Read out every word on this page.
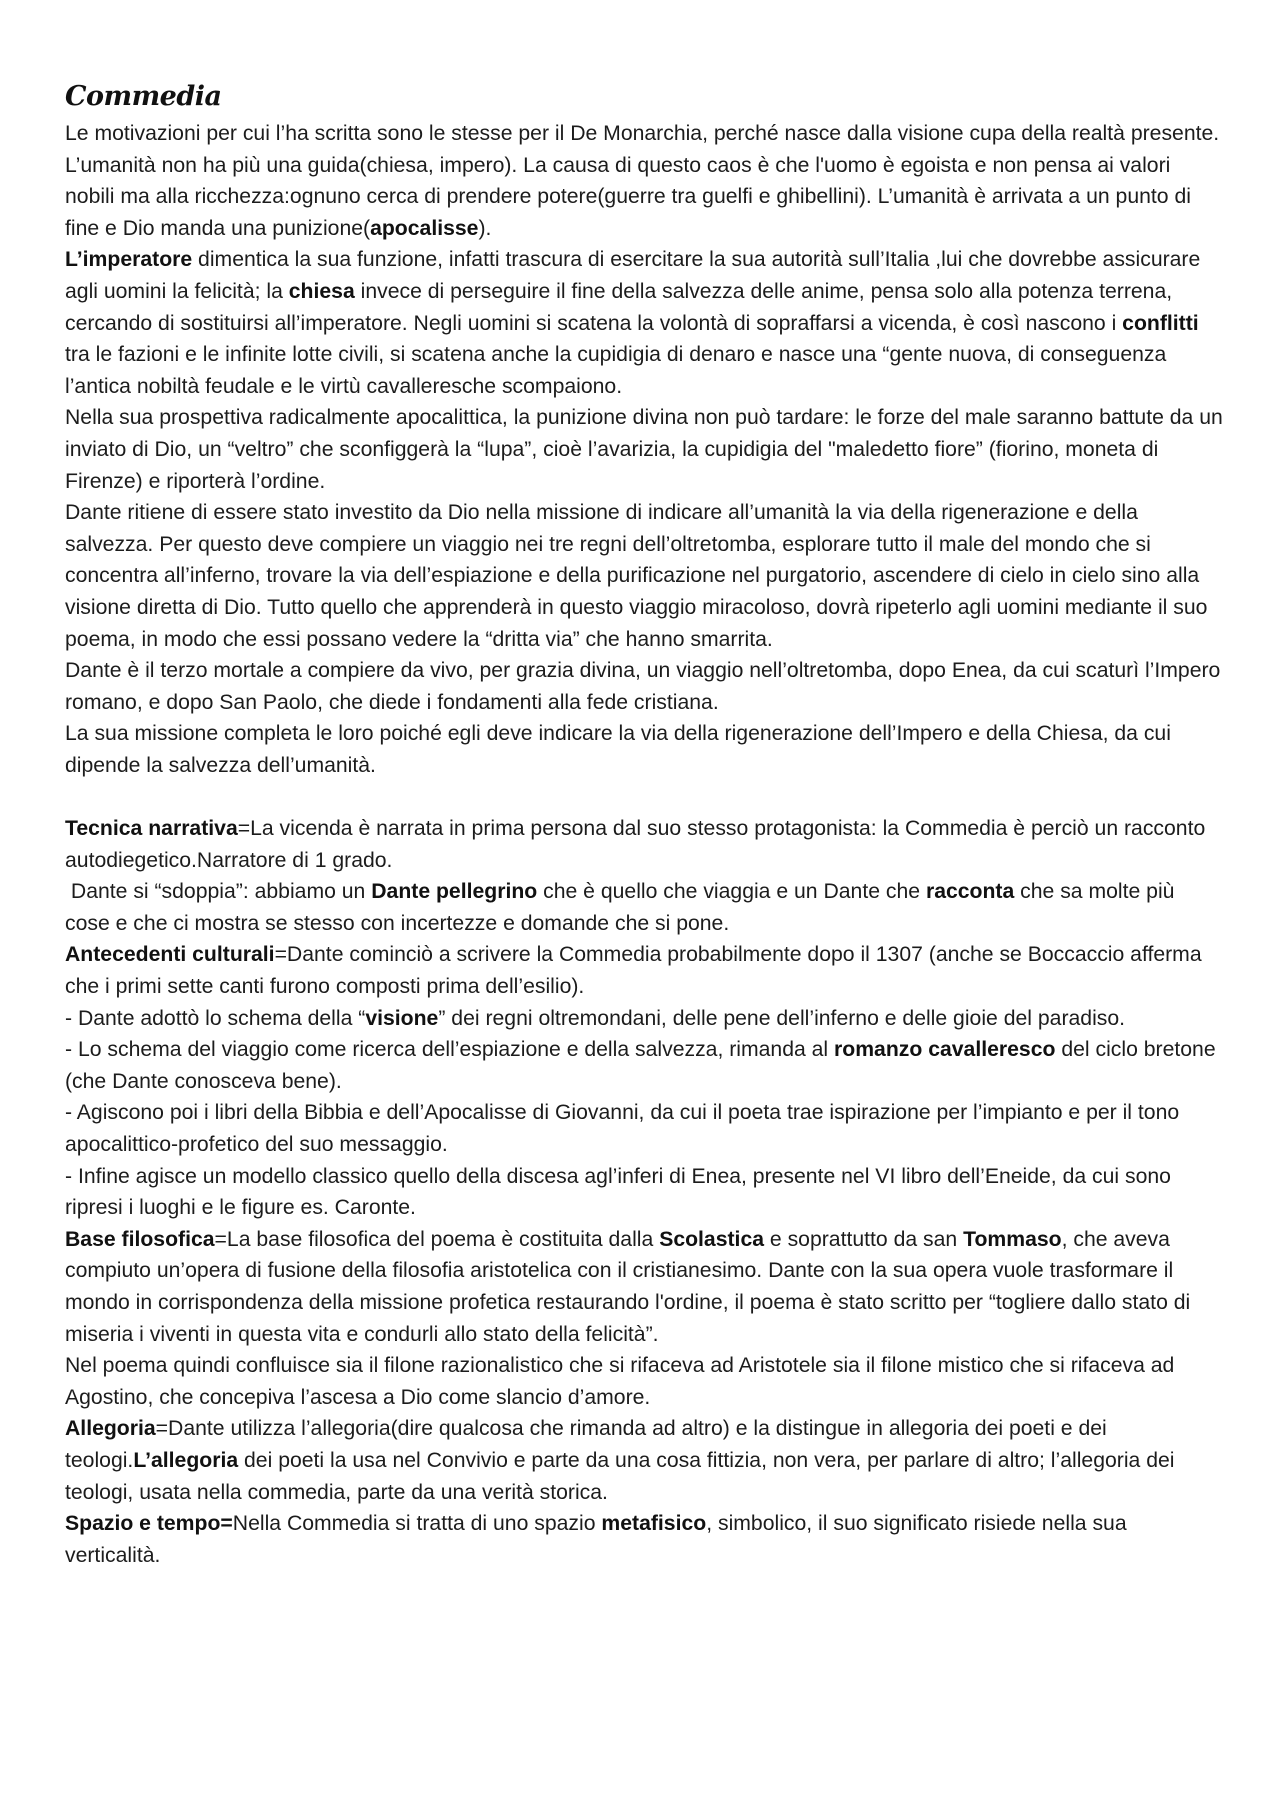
Commedia

Le motivazioni per cui l’ha scritta sono le stesse per il De Monarchia, perché nasce dalla visione cupa della realtà presente. L’umanità non ha più una guida(chiesa, impero). La causa di questo caos è che l'uomo è egoista e non pensa ai valori nobili ma alla ricchezza:ognuno cerca di prendere potere(guerre tra guelfi e ghibellini). L’umanità è arrivata a un punto di fine e Dio manda una punizione(apocalisse).

L’imperatore dimentica la sua funzione, infatti trascura di esercitare la sua autorità sull’Italia ,lui che dovrebbe assicurare agli uomini la felicità; la chiesa invece di perseguire il fine della salvezza delle anime, pensa solo alla potenza terrena, cercando di sostituirsi all’imperatore. Negli uomini si scatena la volontà di sopraffarsi a vicenda, è così nascono i conflitti tra le fazioni e le infinite lotte civili, si scatena anche la cupidigia di denaro e nasce una “gente nuova, di conseguenza l’antica nobiltà feudale e le virtù cavalleresche scompaiono.

Nella sua prospettiva radicalmente apocalittica, la punizione divina non può tardare: le forze del male saranno battute da un inviato di Dio, un “veltro” che sconfiggerà la “lupa”, cioè l’avarizia, la cupidigia del "maledetto fiore” (fiorino, moneta di Firenze) e riporterà l’ordine.

Dante ritiene di essere stato investito da Dio nella missione di indicare all’umanità la via della rigenerazione e della salvezza. Per questo deve compiere un viaggio nei tre regni dell’oltretomba, esplorare tutto il male del mondo che si concentra all’inferno, trovare la via dell’espiazione e della purificazione nel purgatorio, ascendere di cielo in cielo sino alla visione diretta di Dio. Tutto quello che apprenderà in questo viaggio miracoloso, dovrà ripeterlo agli uomini mediante il suo poema, in modo che essi possano vedere la “dritta via” che hanno smarrita.

Dante è il terzo mortale a compiere da vivo, per grazia divina, un viaggio nell’oltretomba, dopo Enea, da cui scaturì l’Impero romano, e dopo San Paolo, che diede i fondamenti alla fede cristiana.

La sua missione completa le loro poiché egli deve indicare la via della rigenerazione dell’Impero e della Chiesa, da cui dipende la salvezza dell’umanità.

Tecnica narrativa=La vicenda è narrata in prima persona dal suo stesso protagonista: la Commedia è perciò un racconto autodiegetico.Narratore di 1 grado.

Dante si “sdoppia”: abbiamo un Dante pellegrino che è quello che viaggia e un Dante che racconta che sa molte più cose e che ci mostra se stesso con incertezze e domande che si pone.

Antecedenti culturali=Dante cominciò a scrivere la Commedia probabilmente dopo il 1307 (anche se Boccaccio afferma che i primi sette canti furono composti prima dell’esilio).

- Dante adottò lo schema della “visione” dei regni oltremondani, delle pene dell’inferno e delle gioie del paradiso.

- Lo schema del viaggio come ricerca dell’espiazione e della salvezza, rimanda al romanzo cavalleresco del ciclo bretone (che Dante conosceva bene).

- Agiscono poi i libri della Bibbia e dell’Apocalisse di Giovanni, da cui il poeta trae ispirazione per l’impianto e per il tono apocalittico-profetico del suo messaggio.

- Infine agisce un modello classico quello della discesa agl’inferi di Enea, presente nel VI libro dell’Eneide, da cui sono ripresi i luoghi e le figure es. Caronte.

Base filosofica=La base filosofica del poema è costituita dalla Scolastica e soprattutto da san Tommaso, che aveva compiuto un’opera di fusione della filosofia aristotelica con il cristianesimo. Dante con la sua opera vuole trasformare il mondo in corrispondenza della missione profetica restaurando l'ordine, il poema è stato scritto per “togliere dallo stato di miseria i viventi in questa vita e condurli allo stato della felicità”.

Nel poema quindi confluisce sia il filone razionalistico che si rifaceva ad Aristotele sia il filone mistico che si rifaceva ad Agostino, che concepiva l’ascesa a Dio come slancio d’amore.

Allegoria=Dante utilizza l’allegoria(dire qualcosa che rimanda ad altro) e la distingue in allegoria dei poeti e dei teologi.L’allegoria dei poeti la usa nel Convivio e parte da una cosa fittizia, non vera, per parlare di altro; l’allegoria dei teologi, usata nella commedia, parte da una verità storica.

Spazio e tempo=Nella Commedia si tratta di uno spazio metafisico, simbolico, il suo significato risiede nella sua verticalità.
